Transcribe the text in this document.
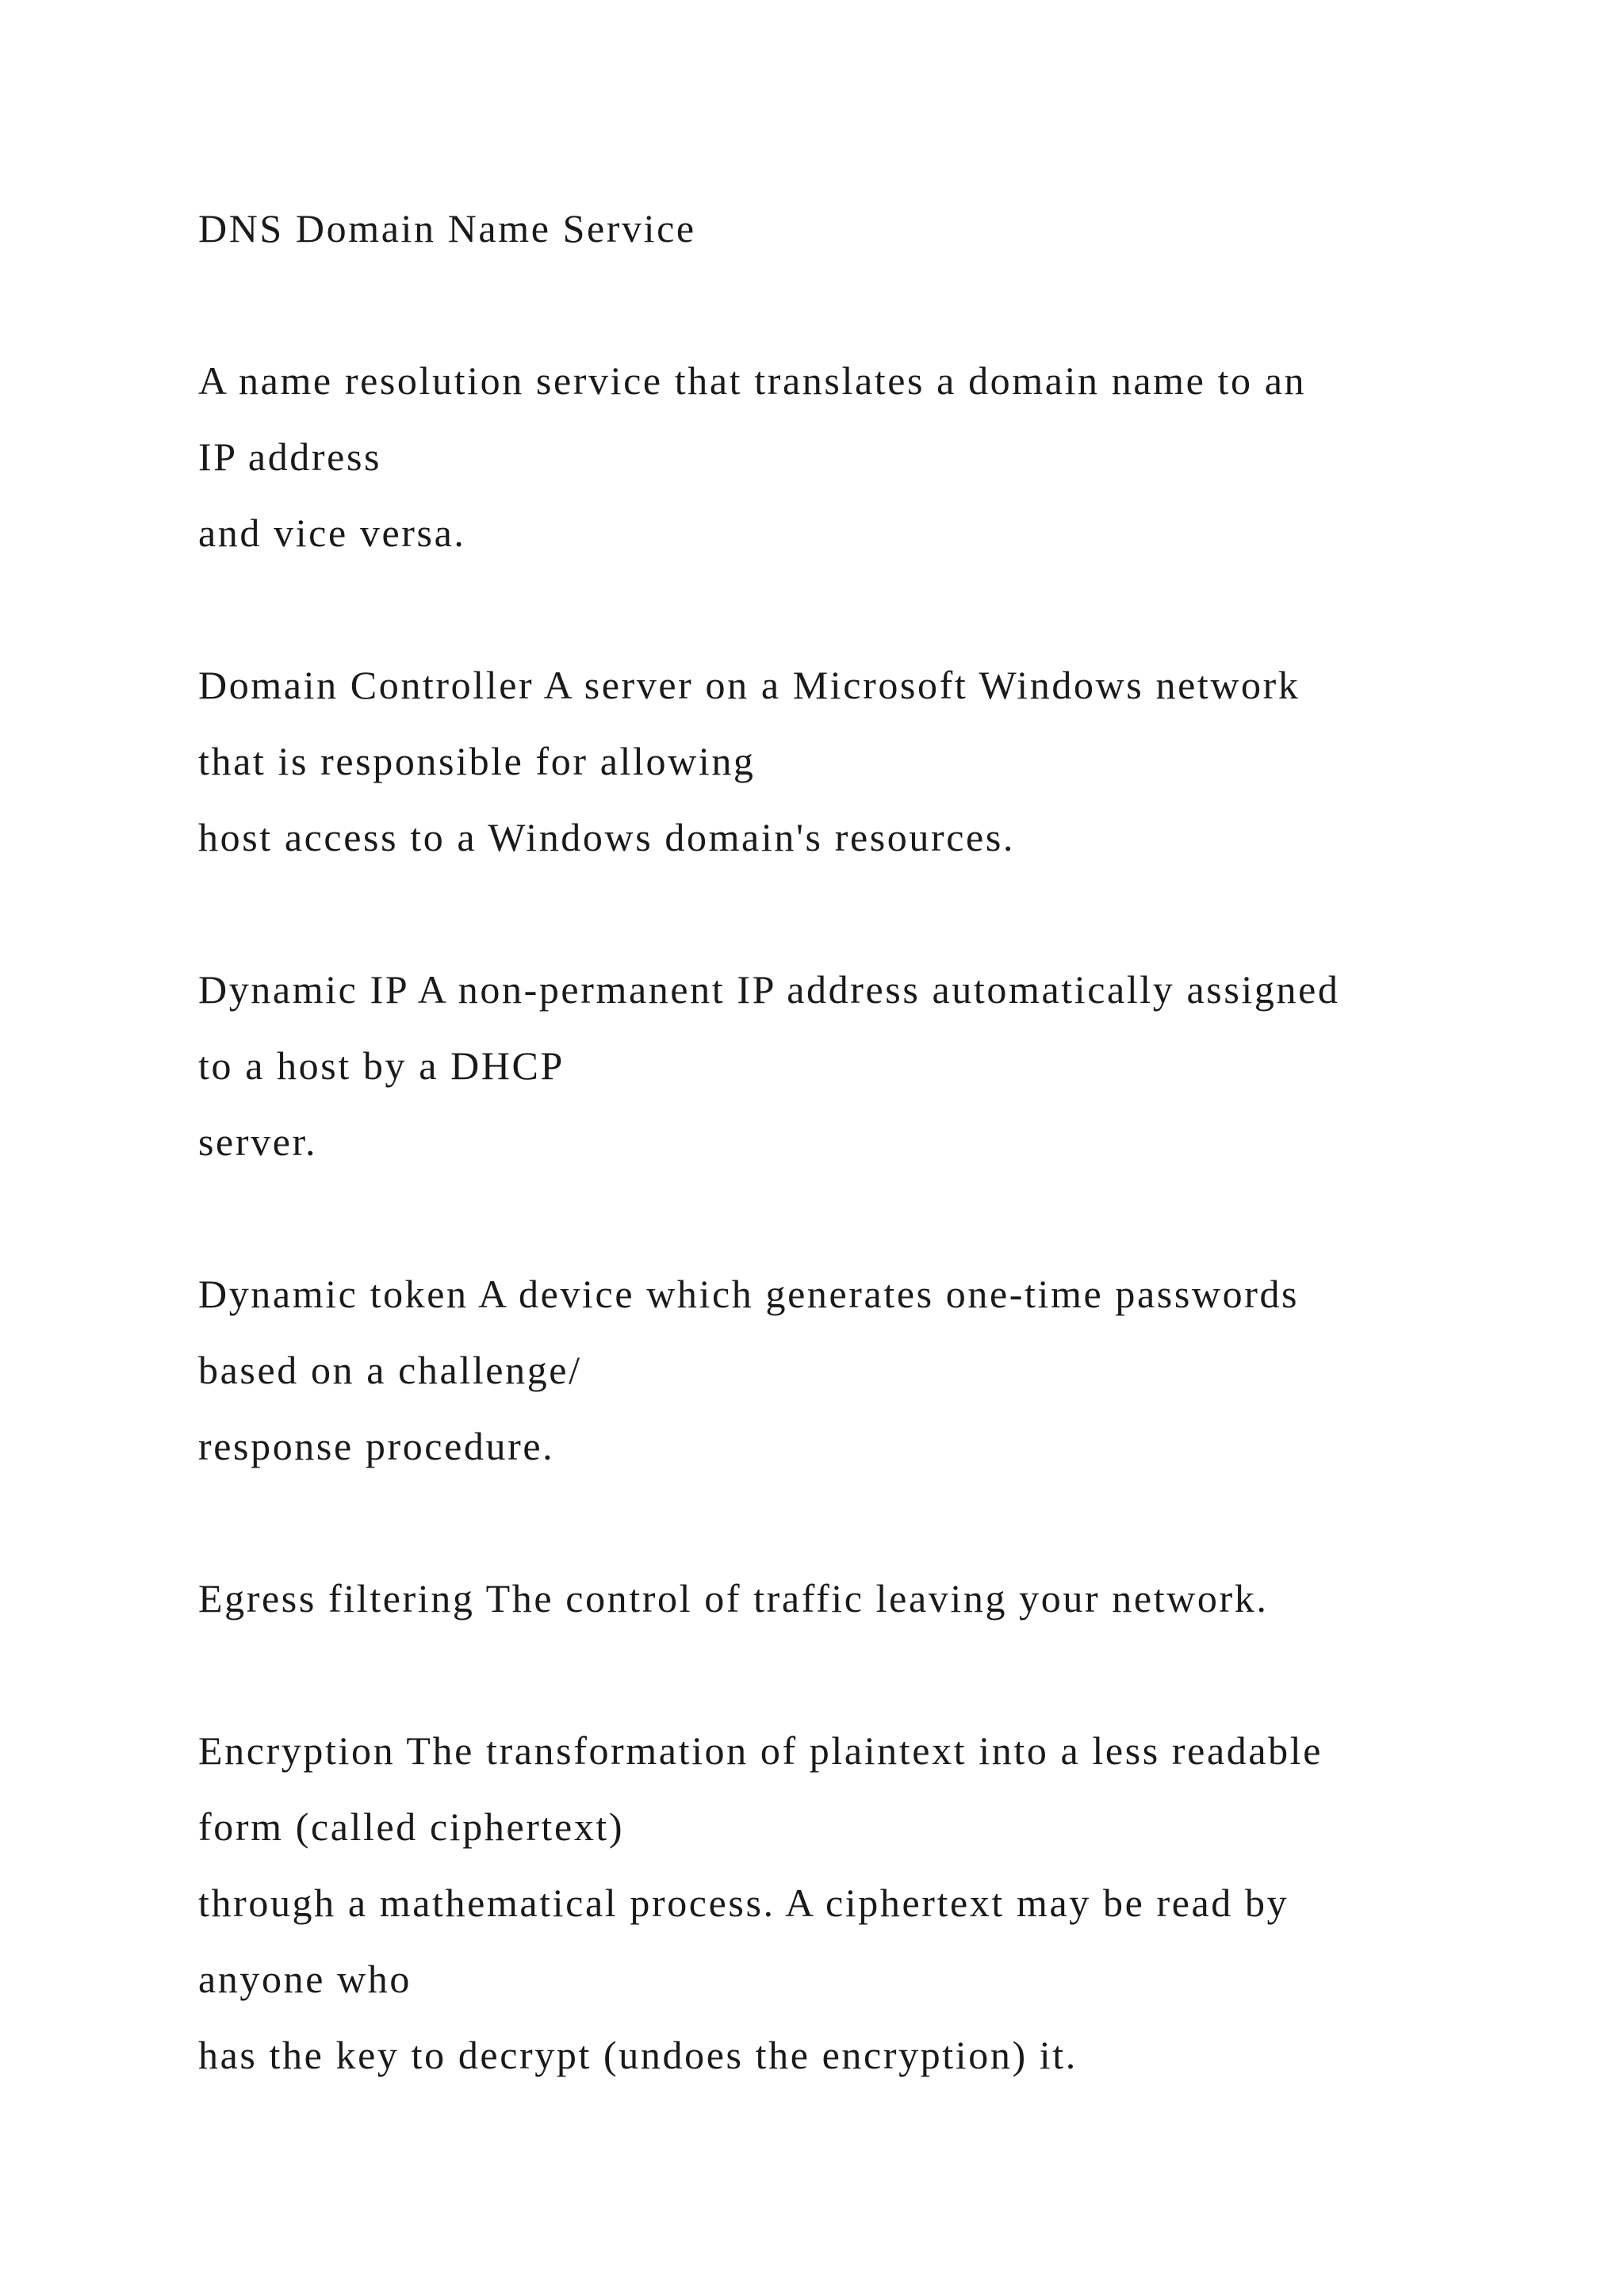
DNS Domain Name Service
A name resolution service that translates a domain name to an
IP address
and vice versa.
Domain Controller A server on a Microsoft Windows network
that is responsible for allowing
host access to a Windows domain's resources.
Dynamic IP A non-permanent IP address automatically assigned
to a host by a DHCP
server.
Dynamic token A device which generates one-time passwords
based on a challenge/
response procedure.
Egress filtering The control of traffic leaving your network.
Encryption The transformation of plaintext into a less readable
form (called ciphertext)
through a mathematical process. A ciphertext may be read by
anyone who
has the key to decrypt (undoes the encryption) it.
